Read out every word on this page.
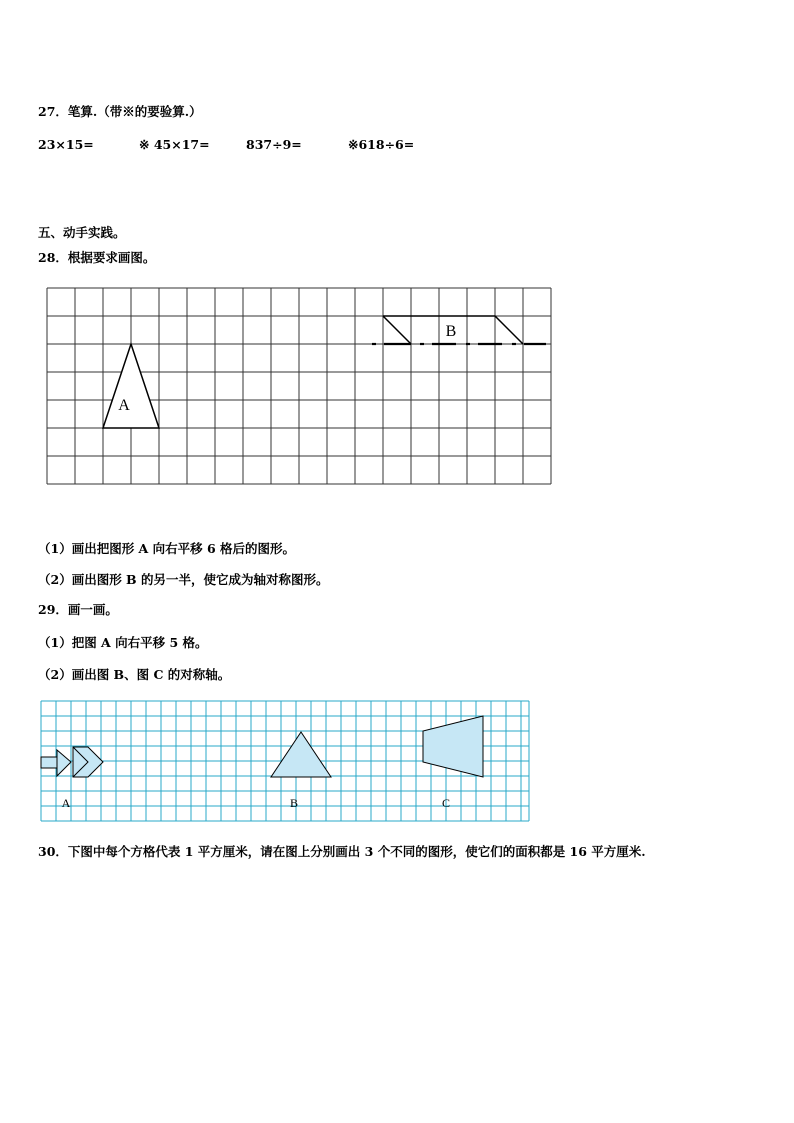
27．笔算.（带※的要验算.）
23×15=	※ 45×17=	837÷9=	※618÷6=
五、动手实践。
28．根据要求画图。
A
B
（1）画出把图形 A 向右平移 6 格后的图形。
（2）画出图形 B 的另一半，使它成为轴对称图形。
29．画一画。
（1）把图 A 向右平移 5 格。
（2）画出图 B、图 C 的对称轴。
A	B	C
30．下图中每个方格代表 1 平方厘米，请在图上分别画出 3 个不同的图形，使它们的面积都是 16 平方厘米.
